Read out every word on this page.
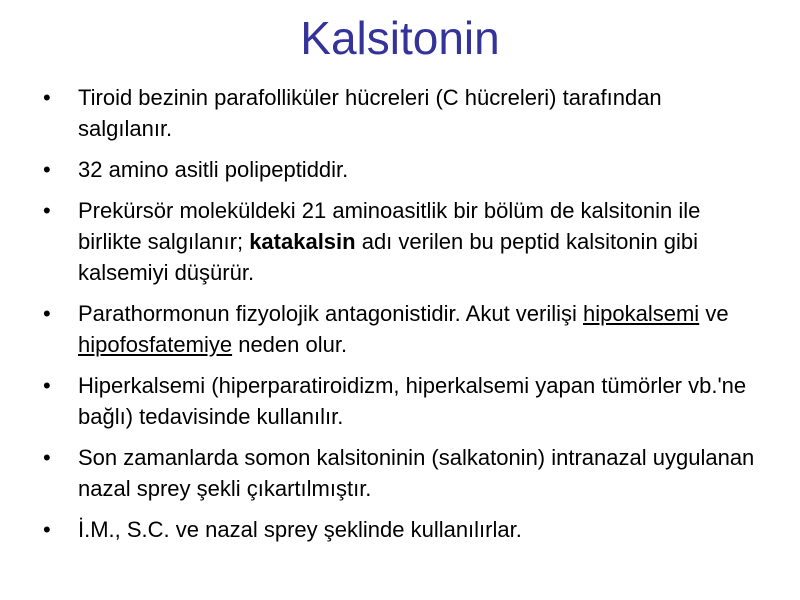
Kalsitonin
• Tiroid bezinin parafolliküler hücreleri (C hücreleri) tarafından salgılanır.
• 32 amino asitli polipeptiddir.
• Prekürsör moleküldeki 21 aminoasitlik bir bölüm de kalsitonin ile birlikte salgılanır; katakalsin adı verilen bu peptid kalsitonin gibi kalsemiyi düşürür.
• Parathormonun fizyolojik antagonistidir. Akut verilişi hipokalsemi ve hipofosfatemiye neden olur.
• Hiperkalsemi (hiperparatiroidizm, hiperkalsemi yapan tümörler vb.'ne bağlı) tedavisinde kullanılır.
• Son zamanlarda somon kalsitoninin (salkatonin) intranazal uygulanan nazal sprey şekli çıkartılmıştır.
• İ.M., S.C. ve nazal sprey şeklinde kullanılırlar.
